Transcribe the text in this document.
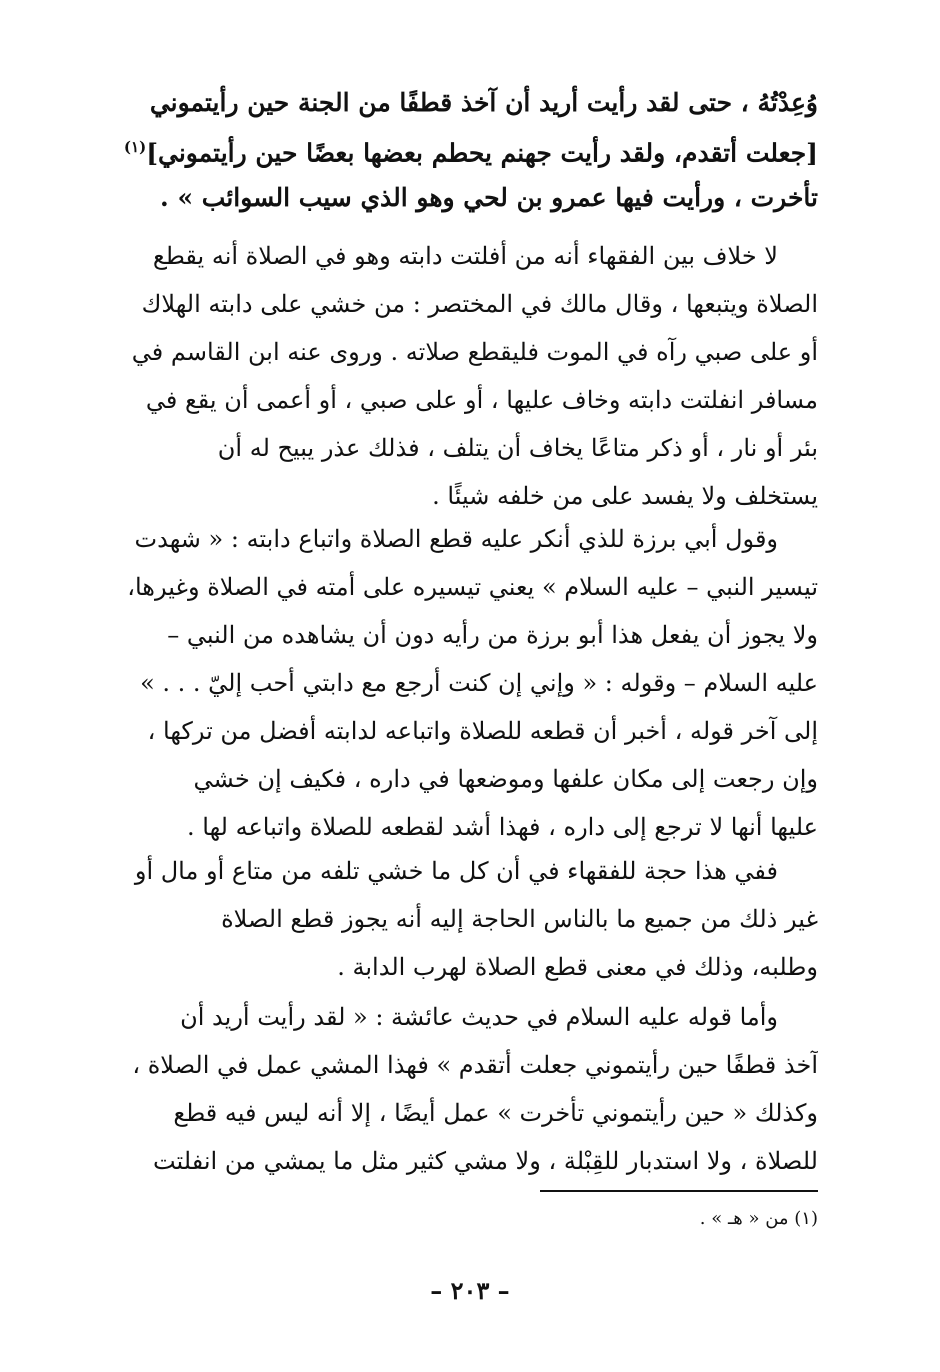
وُعِدْتُهُ ، حتى لقد رأيت أريد أن آخذ قطفًا من الجنة حين رأيتموني
[جعلت أتقدم، ولقد رأيت جهنم يحطم بعضها بعضًا حين رأيتموني]$^{(١)}$
تأخرت ، ورأيت فيها عمرو بن لحي وهو الذي سيب السوائب » .
لا خلاف بين الفقهاء أنه من أفلتت دابته وهو في الصلاة أنه يقطع
الصلاة ويتبعها ، وقال مالك في المختصر : من خشي على دابته الهلاك
أو على صبي رآه في الموت فليقطع صلاته . وروى عنه ابن القاسم في
مسافر انفلتت دابته وخاف عليها ، أو على صبي ، أو أعمى أن يقع في
بئر أو نار ، أو ذكر متاعًا يخاف أن يتلف ، فذلك عذر يبيح له أن
يستخلف ولا يفسد على من خلفه شيئًا .
وقول أبي برزة للذي أنكر عليه قطع الصلاة واتباع دابته : « شهدت
تيسير النبي – عليه السلام » يعني تيسيره على أمته في الصلاة وغيرها،
ولا يجوز أن يفعل هذا أبو برزة من رأيه دون أن يشاهده من النبي –
عليه السلام – وقوله : « وإني إن كنت أرجع مع دابتي أحب إليّ . . . »
إلى آخر قوله ، أخبر أن قطعه للصلاة واتباعه لدابته أفضل من تركها ،
وإن رجعت إلى مكان علفها وموضعها في داره ، فكيف إن خشي
عليها أنها لا ترجع إلى داره ، فهذا أشد لقطعه للصلاة واتباعه لها .
ففي هذا حجة للفقهاء في أن كل ما خشي تلفه من متاع أو مال أو
غير ذلك من جميع ما بالناس الحاجة إليه أنه يجوز قطع الصلاة
وطلبه، وذلك في معنى قطع الصلاة لهرب الدابة .
وأما قوله عليه السلام في حديث عائشة : « لقد رأيت أريد أن
آخذ قطفًا حين رأيتموني جعلت أتقدم » فهذا المشي عمل في الصلاة ،
وكذلك « حين رأيتموني تأخرت » عمل أيضًا ، إلا أنه ليس فيه قطع
للصلاة ، ولا استدبار للقِبْلة ، ولا مشي كثير مثل ما يمشي من انفلتت
(١) من « هـ » .
– ٢٠٣ –
